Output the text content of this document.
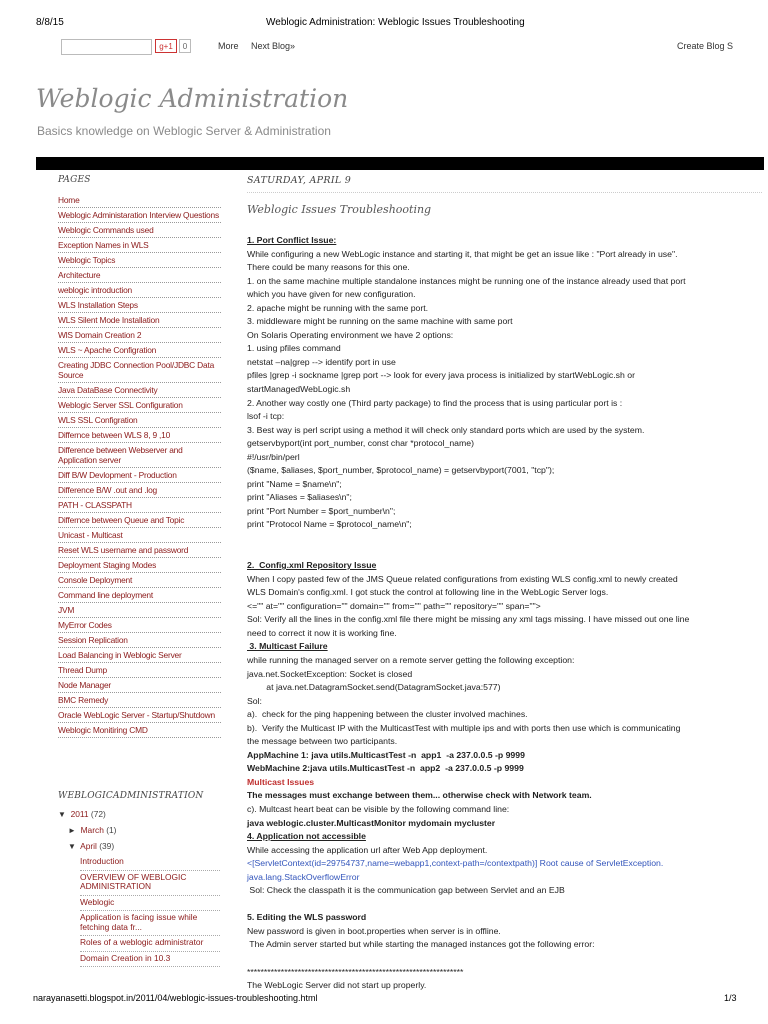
8/8/15	Weblogic Administration: Weblogic Issues Troubleshooting
g+1	0	More Next Blog»	Create Blog S
Weblogic Administration
Basics knowledge on Weblogic Server & Administration
PAGES
Home
Weblogic Administaration Interview Questions
Weblogic Commands used
Exception Names in WLS
Weblogic Topics
Architecture
weblogic introduction
WLS Installation Steps
WLS Silent Mode Installation
WlS Domain Creation 2
WLS ~ Apache Configration
Creating JDBC Connection Pool/JDBC Data Source
Java DataBase Connectivity
Weblogic Server SSL Configuration
WLS SSL Configration
Differnce between WLS 8, 9 ,10
Difference between Webserver and Application server
Diff B/W Devlopment - Production
Difference B/W .out and .log
PATH - CLASSPATH
Differnce between Queue and Topic
Unicast - Multicast
Reset WLS username and password
Deployment Staging Modes
Console Deployment
Command line deployment
JVM
MyError Codes
Session Replication
Load Balancing in Weblogic Server
Thread Dump
Node Manager
BMC Remedy
Oracle WebLogic Server - Startup/Shutdown
Weblogic Monitiring CMD
WEBLOGICADMINISTRATION
▼ 2011 (72)
► March (1)
▼ April (39)
Introduction
OVERVIEW OF WEBLOGIC ADMINISTRATION
Weblogic
Application is facing issue while fetching data fr...
Roles of a weblogic administrator
Domain Creation in 10.3
SATURDAY, APRIL 9
Weblogic Issues Troubleshooting
1. Port Conflict Issue:
While configuring a new WebLogic instance and starting it, that might be get an issue like : "Port already in use".
There could be many reasons for this one.
1. on the same machine multiple standalone instances might be running one of the instance already used that port
which you have given for new configuration.
2. apache might be running with the same port.
3. middleware might be running on the same machine with same port
On Solaris Operating environment we have 2 options:
1. using pfiles command
netstat –na|grep --> identify port in use
pfiles |grep -i sockname |grep port --> look for every java process is initialized by startWebLogic.sh or
startManagedWebLogic.sh
2. Another way costly one (Third party package) to find the process that is using particular port is :
lsof -i tcp:
3. Best way is perl script using a method it will check only standard ports which are used by the system.
getservbyport(int port_number, const char *protocol_name)
#!/usr/bin/perl
($name, $aliases, $port_number, $protocol_name) = getservbyport(7001, "tcp");
print "Name = $name\n";
print "Aliases = $aliases\n";
print "Port Number = $port_number\n";
print "Protocol Name = $protocol_name\n";
2.  Config.xml Repository Issue
When I copy pasted few of the JMS Queue related configurations from existing WLS config.xml to newly created
WLS Domain's config.xml. I got stuck the control at following line in the WebLogic Server logs.
<="" at="" configuration="" domain="" from="" path="" repository="" span="">
Sol: Verify all the lines in the config.xml file there might be missing any xml tags missing. I have missed out one line
need to correct it now it is working fine.
3. Multicast Failure
while running the managed server on a remote server getting the following exception:
java.net.SocketException: Socket is closed
at java.net.DatagramSocket.send(DatagramSocket.java:577)
Sol:
a).  check for the ping happening between the cluster involved machines.
b).  Verify the Multicast IP with the MulticastTest with multiple ips and with ports then use which is communicating
the message between two participants.
AppMachine 1: java utils.MulticastTest -n  app1  -a 237.0.0.5 -p 9999
WebMachine 2:java utils.MulticastTest -n  app2  -a 237.0.0.5 -p 9999
Multicast Issues
The messages must exchange between them... otherwise check with Network team.
c). Multcast heart beat can be visible by the following command line:
java weblogic.cluster.MulticastMonitor mydomain mycluster
4. Application not accessible
While accessing the application url after Web App deployment.
<[ServletContext(id=29754737,name=webapp1,context-path=/contextpath)] Root cause of ServletException.
java.lang.StackOverflowError
Sol: Check the classpath it is the communication gap between Servlet and an EJB
5. Editing the WLS password
New password is given in boot.properties when server is in offline.
The Admin server started but while starting the managed instances got the following error:
****************************************************************
The WebLogic Server did not start up properly.
narayanasetti.blogspot.in/2011/04/weblogic-issues-troubleshooting.html	1/3
